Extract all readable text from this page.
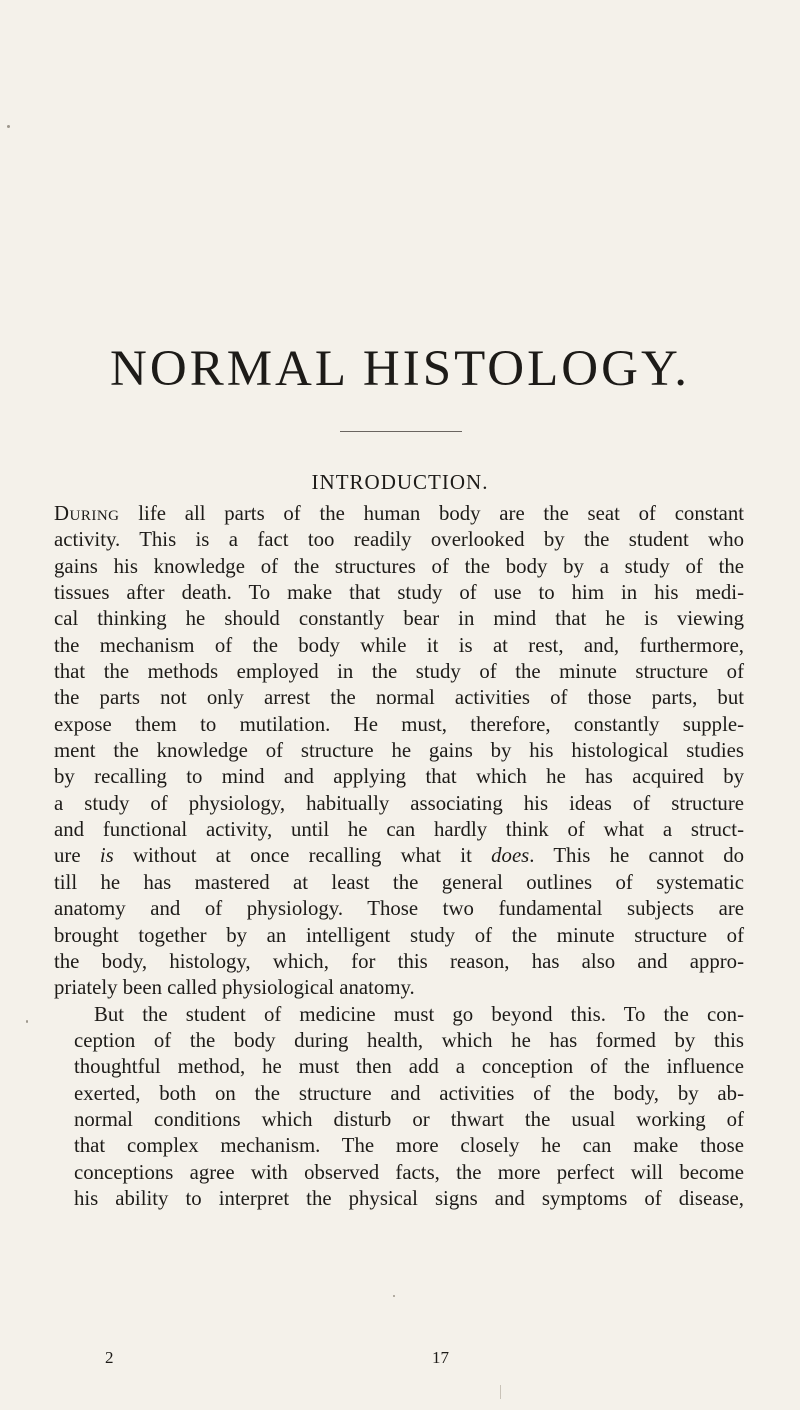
NORMAL HISTOLOGY.
INTRODUCTION.

During life all parts of the human body are the seat of constant
activity. This is a fact too readily overlooked by the student who
gains his knowledge of the structures of the body by a study of the
tissues after death. To make that study of use to him in his medi-
cal thinking he should constantly bear in mind that he is viewing
the mechanism of the body while it is at rest, and, furthermore,
that the methods employed in the study of the minute structure of
the parts not only arrest the normal activities of those parts, but
expose them to mutilation. He must, therefore, constantly supple-
ment the knowledge of structure he gains by his histological studies
by recalling to mind and applying that which he has acquired by
a study of physiology, habitually associating his ideas of structure
and functional activity, until he can hardly think of what a struct-
ure is without at once recalling what it does. This he cannot do
till he has mastered at least the general outlines of systematic
anatomy and of physiology. Those two fundamental subjects are
brought together by an intelligent study of the minute structure of
the body, histology, which, for this reason, has also and appro-
priately been called physiological anatomy.

But the student of medicine must go beyond this. To the con-
ception of the body during health, which he has formed by this
thoughtful method, he must then add a conception of the influence
exerted, both on the structure and activities of the body, by ab-
normal conditions which disturb or thwart the usual working of
that complex mechanism. The more closely he can make those
conceptions agree with observed facts, the more perfect will become
his ability to interpret the physical signs and symptoms of disease,

2	17
